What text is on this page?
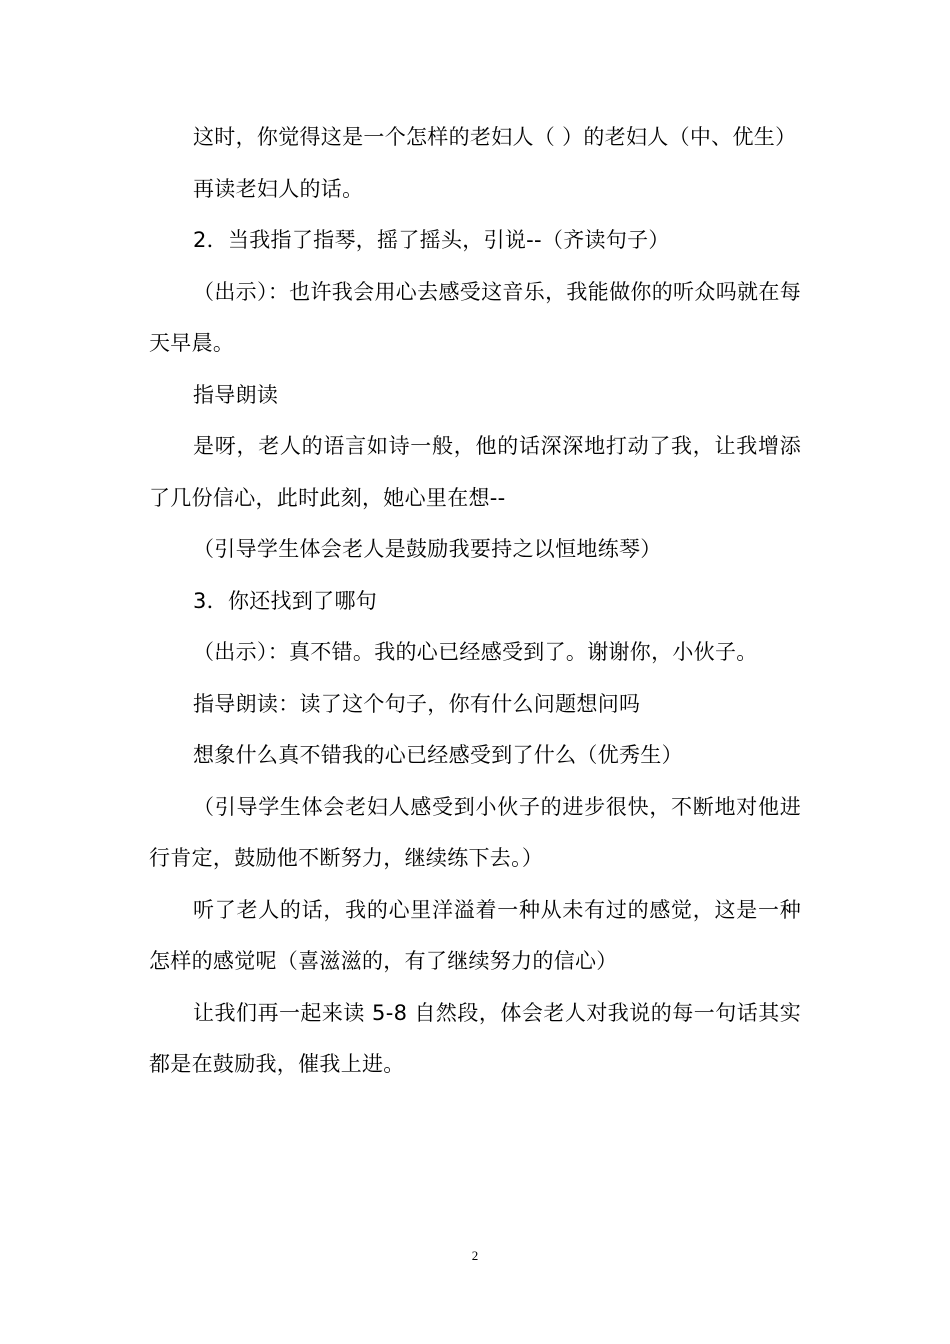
这时，你觉得这是一个怎样的老妇人（ ）的老妇人（中、优生）

再读老妇人的话。

2．当我指了指琴，摇了摇头，引说--（齐读句子）

（出示）：也许我会用心去感受这音乐，我能做你的听众吗就在每天早晨。

指导朗读

是呀，老人的语言如诗一般，他的话深深地打动了我，让我增添了几份信心，此时此刻，她心里在想--

（引导学生体会老人是鼓励我要持之以恒地练琴）

3．你还找到了哪句

（出示）：真不错。我的心已经感受到了。谢谢你，小伙子。

指导朗读：读了这个句子，你有什么问题想问吗

想象什么真不错我的心已经感受到了什么（优秀生）

（引导学生体会老妇人感受到小伙子的进步很快，不断地对他进行肯定，鼓励他不断努力，继续练下去。）

听了老人的话，我的心里洋溢着一种从未有过的感觉，这是一种怎样的感觉呢（喜滋滋的，有了继续努力的信心）

让我们再一起来读 5-8 自然段，体会老人对我说的每一句话其实都是在鼓励我，催我上进。

2
